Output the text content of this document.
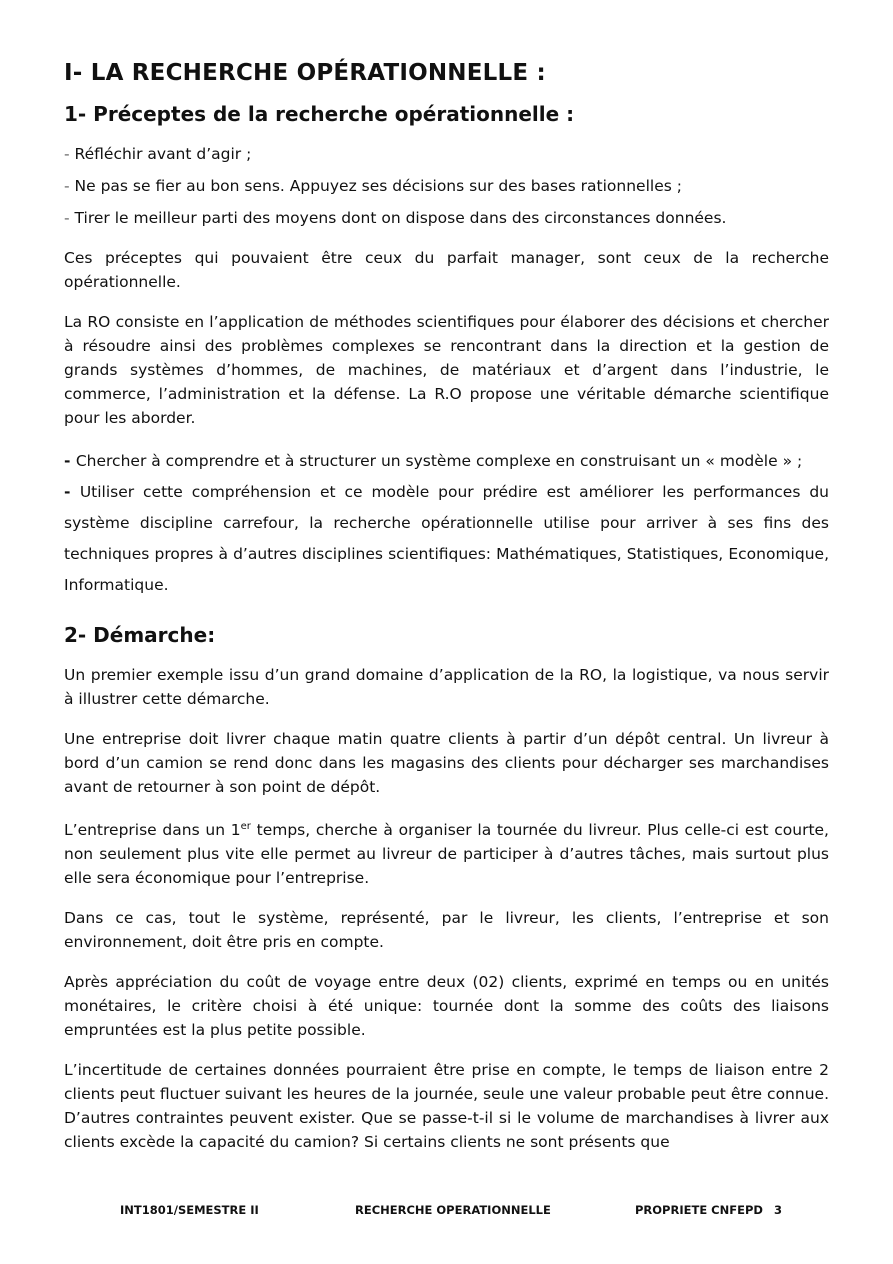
I- LA RECHERCHE OPÉRATIONNELLE :
1- Préceptes de la recherche opérationnelle :
- Réfléchir avant d’agir ;
- Ne pas se fier au bon sens. Appuyez ses décisions sur des bases rationnelles ;
- Tirer le meilleur parti des moyens dont on dispose dans des circonstances données.

Ces préceptes qui pouvaient être ceux du parfait manager, sont ceux de la recherche opérationnelle.

La RO consiste en l’application de méthodes scientifiques pour élaborer des décisions et chercher à résoudre ainsi des problèmes complexes se rencontrant dans la direction et la gestion de grands systèmes d’hommes, de machines, de matériaux et d’argent dans l’industrie, le commerce, l’administration et la défense. La R.O propose une véritable démarche scientifique pour les aborder.

- Chercher à comprendre et à structurer un système complexe en construisant un « modèle » ;
- Utiliser cette compréhension et ce modèle pour prédire est améliorer les performances du système discipline carrefour, la recherche opérationnelle utilise pour arriver à ses fins des techniques propres à d’autres disciplines scientifiques: Mathématiques, Statistiques, Economique, Informatique.
2- Démarche:

Un premier exemple issu d’un grand domaine d’application de la RO, la logistique, va nous servir à illustrer cette démarche.

Une entreprise doit livrer chaque matin quatre clients à partir d’un dépôt central. Un livreur à bord d’un camion se rend donc dans les magasins des clients pour décharger ses marchandises avant de retourner à son point de dépôt.

L’entreprise dans un 1er temps, cherche à organiser la tournée du livreur. Plus celle-ci est courte, non seulement plus vite elle permet au livreur de participer à d’autres tâches, mais surtout plus elle sera économique pour l’entreprise.

Dans ce cas, tout le système, représenté, par le livreur, les clients, l’entreprise et son environnement, doit être pris en compte.

Après appréciation du coût de voyage entre deux (02) clients, exprimé en temps ou en unités monétaires, le critère choisi à été unique: tournée dont la somme des coûts des liaisons empruntées est la plus petite possible.

L’incertitude de certaines données pourraient être prise en compte, le temps de liaison entre 2 clients peut fluctuer suivant les heures de la journée, seule une valeur probable peut être connue. D’autres contraintes peuvent exister. Que se passe-t-il si le volume de marchandises à livrer aux clients excède la capacité du camion? Si certains clients ne sont présents que

INT1801/SEMESTRE II	RECHERCHE OPERATIONNELLE	PROPRIETE CNFEPD 3
